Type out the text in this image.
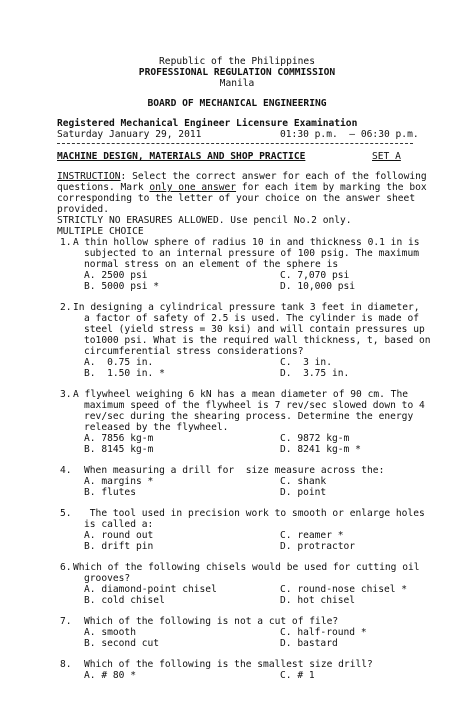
Republic of the Philippines
PROFESSIONAL REGULATION COMMISSION
Manila
BOARD OF MECHANICAL ENGINEERING
Registered Mechanical Engineer Licensure Examination
Saturday January 29, 2011	01:30 p.m.  – 06:30 p.m.
MACHINE DESIGN, MATERIALS AND SHOP PRACTICE	SET A
INSTRUCTION: Select the correct answer for each of the following
questions. Mark only one answer for each item by marking the box
corresponding to the letter of your choice on the answer sheet
provided.
STRICTLY NO ERASURES ALLOWED. Use pencil No.2 only.
MULTIPLE CHOICE
1. A thin hollow sphere of radius 10 in and thickness 0.1 in is
subjected to an internal pressure of 100 psig. The maximum
normal stress on an element of the sphere is
A. 2500 psi	C. 7,070 psi
B. 5000 psi *	D. 10,000 psi
2. In designing a cylindrical pressure tank 3 feet in diameter,
a factor of safety of 2.5 is used. The cylinder is made of
steel (yield stress = 30 ksi) and will contain pressures up
to1000 psi. What is the required wall thickness, t, based on
circumferential stress considerations?
A.  0.75 in.	C.  3 in.
B.  1.50 in. *	D.  3.75 in.
3. A flywheel weighing 6 kN has a mean diameter of 90 cm. The
maximum speed of the flywheel is 7 rev/sec slowed down to 4
rev/sec during the shearing process. Determine the energy
released by the flywheel.
A. 7856 kg-m	C. 9872 kg-m
B. 8145 kg-m	D. 8241 kg-m *
4. When measuring a drill for  size measure across the:
A. margins *	C. shank
B. flutes	D. point
5. The tool used in precision work to smooth or enlarge holes
is called a:
A. round out	C. reamer *
B. drift pin	D. protractor
6. Which of the following chisels would be used for cutting oil
grooves?
A. diamond-point chisel	C. round-nose chisel *
B. cold chisel	D. hot chisel
7. Which of the following is not a cut of file?
A. smooth	C. half-round *
B. second cut	D. bastard
8. Which of the following is the smallest size drill?
A. # 80 *	C. # 1
